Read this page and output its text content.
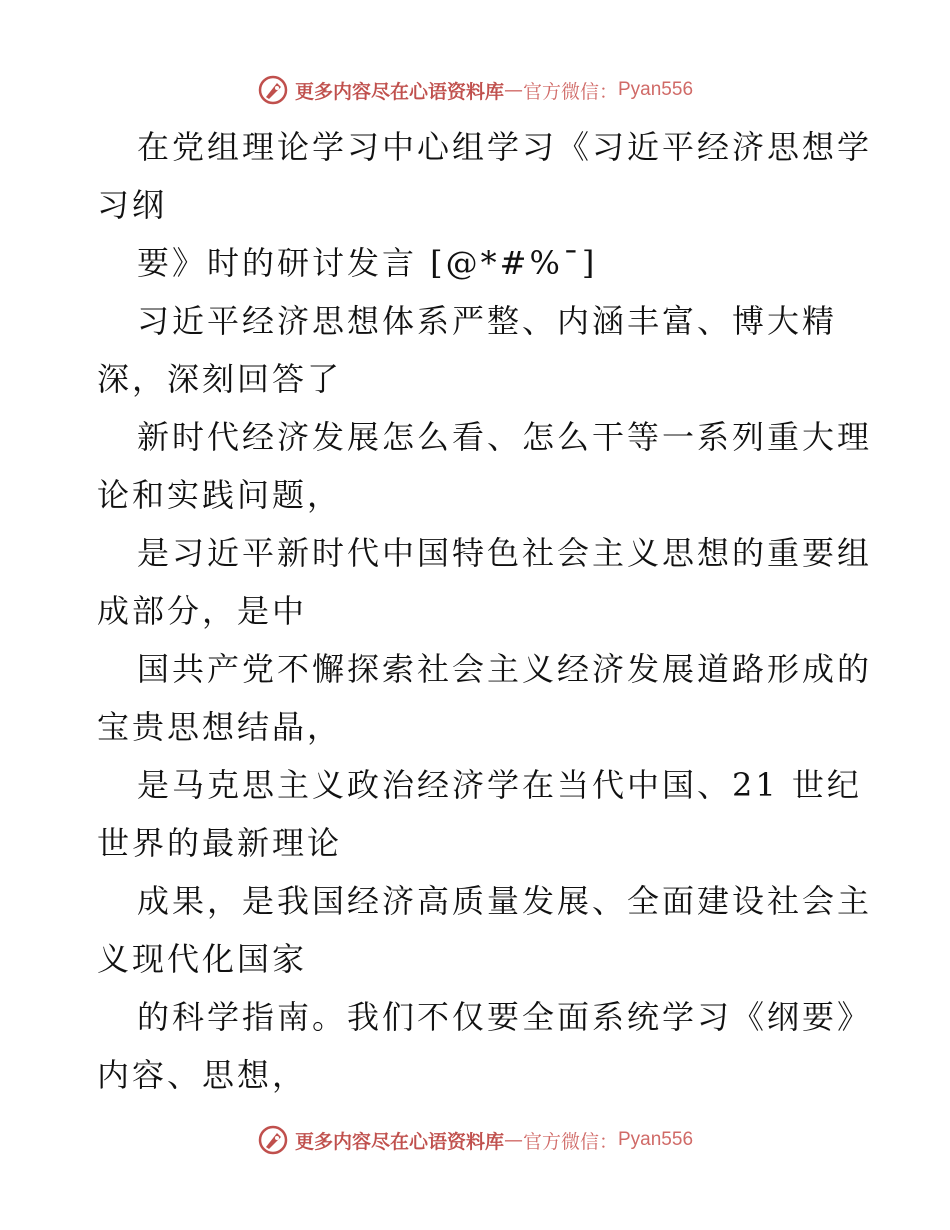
更多内容尽在心语资料库 — 官方微信： Pyan556
在党组理论学习中心组学习《习近平经济思想学
习纲
要》时的研讨发言 [@*#%¯]
习近平经济思想体系严整、内涵丰富、博大精
深，深刻回答了
新时代经济发展怎么看、怎么干等一系列重大理
论和实践问题，
是习近平新时代中国特色社会主义思想的重要组
成部分，是中
国共产党不懈探索社会主义经济发展道路形成的
宝贵思想结晶，
是马克思主义政治经济学在当代中国、21 世纪
世界的最新理论
成果，是我国经济高质量发展、全面建设社会主
义现代化国家
的科学指南。我们不仅要全面系统学习《纲要》
内容、思想，
更多内容尽在心语资料库 — 官方微信： Pyan556
